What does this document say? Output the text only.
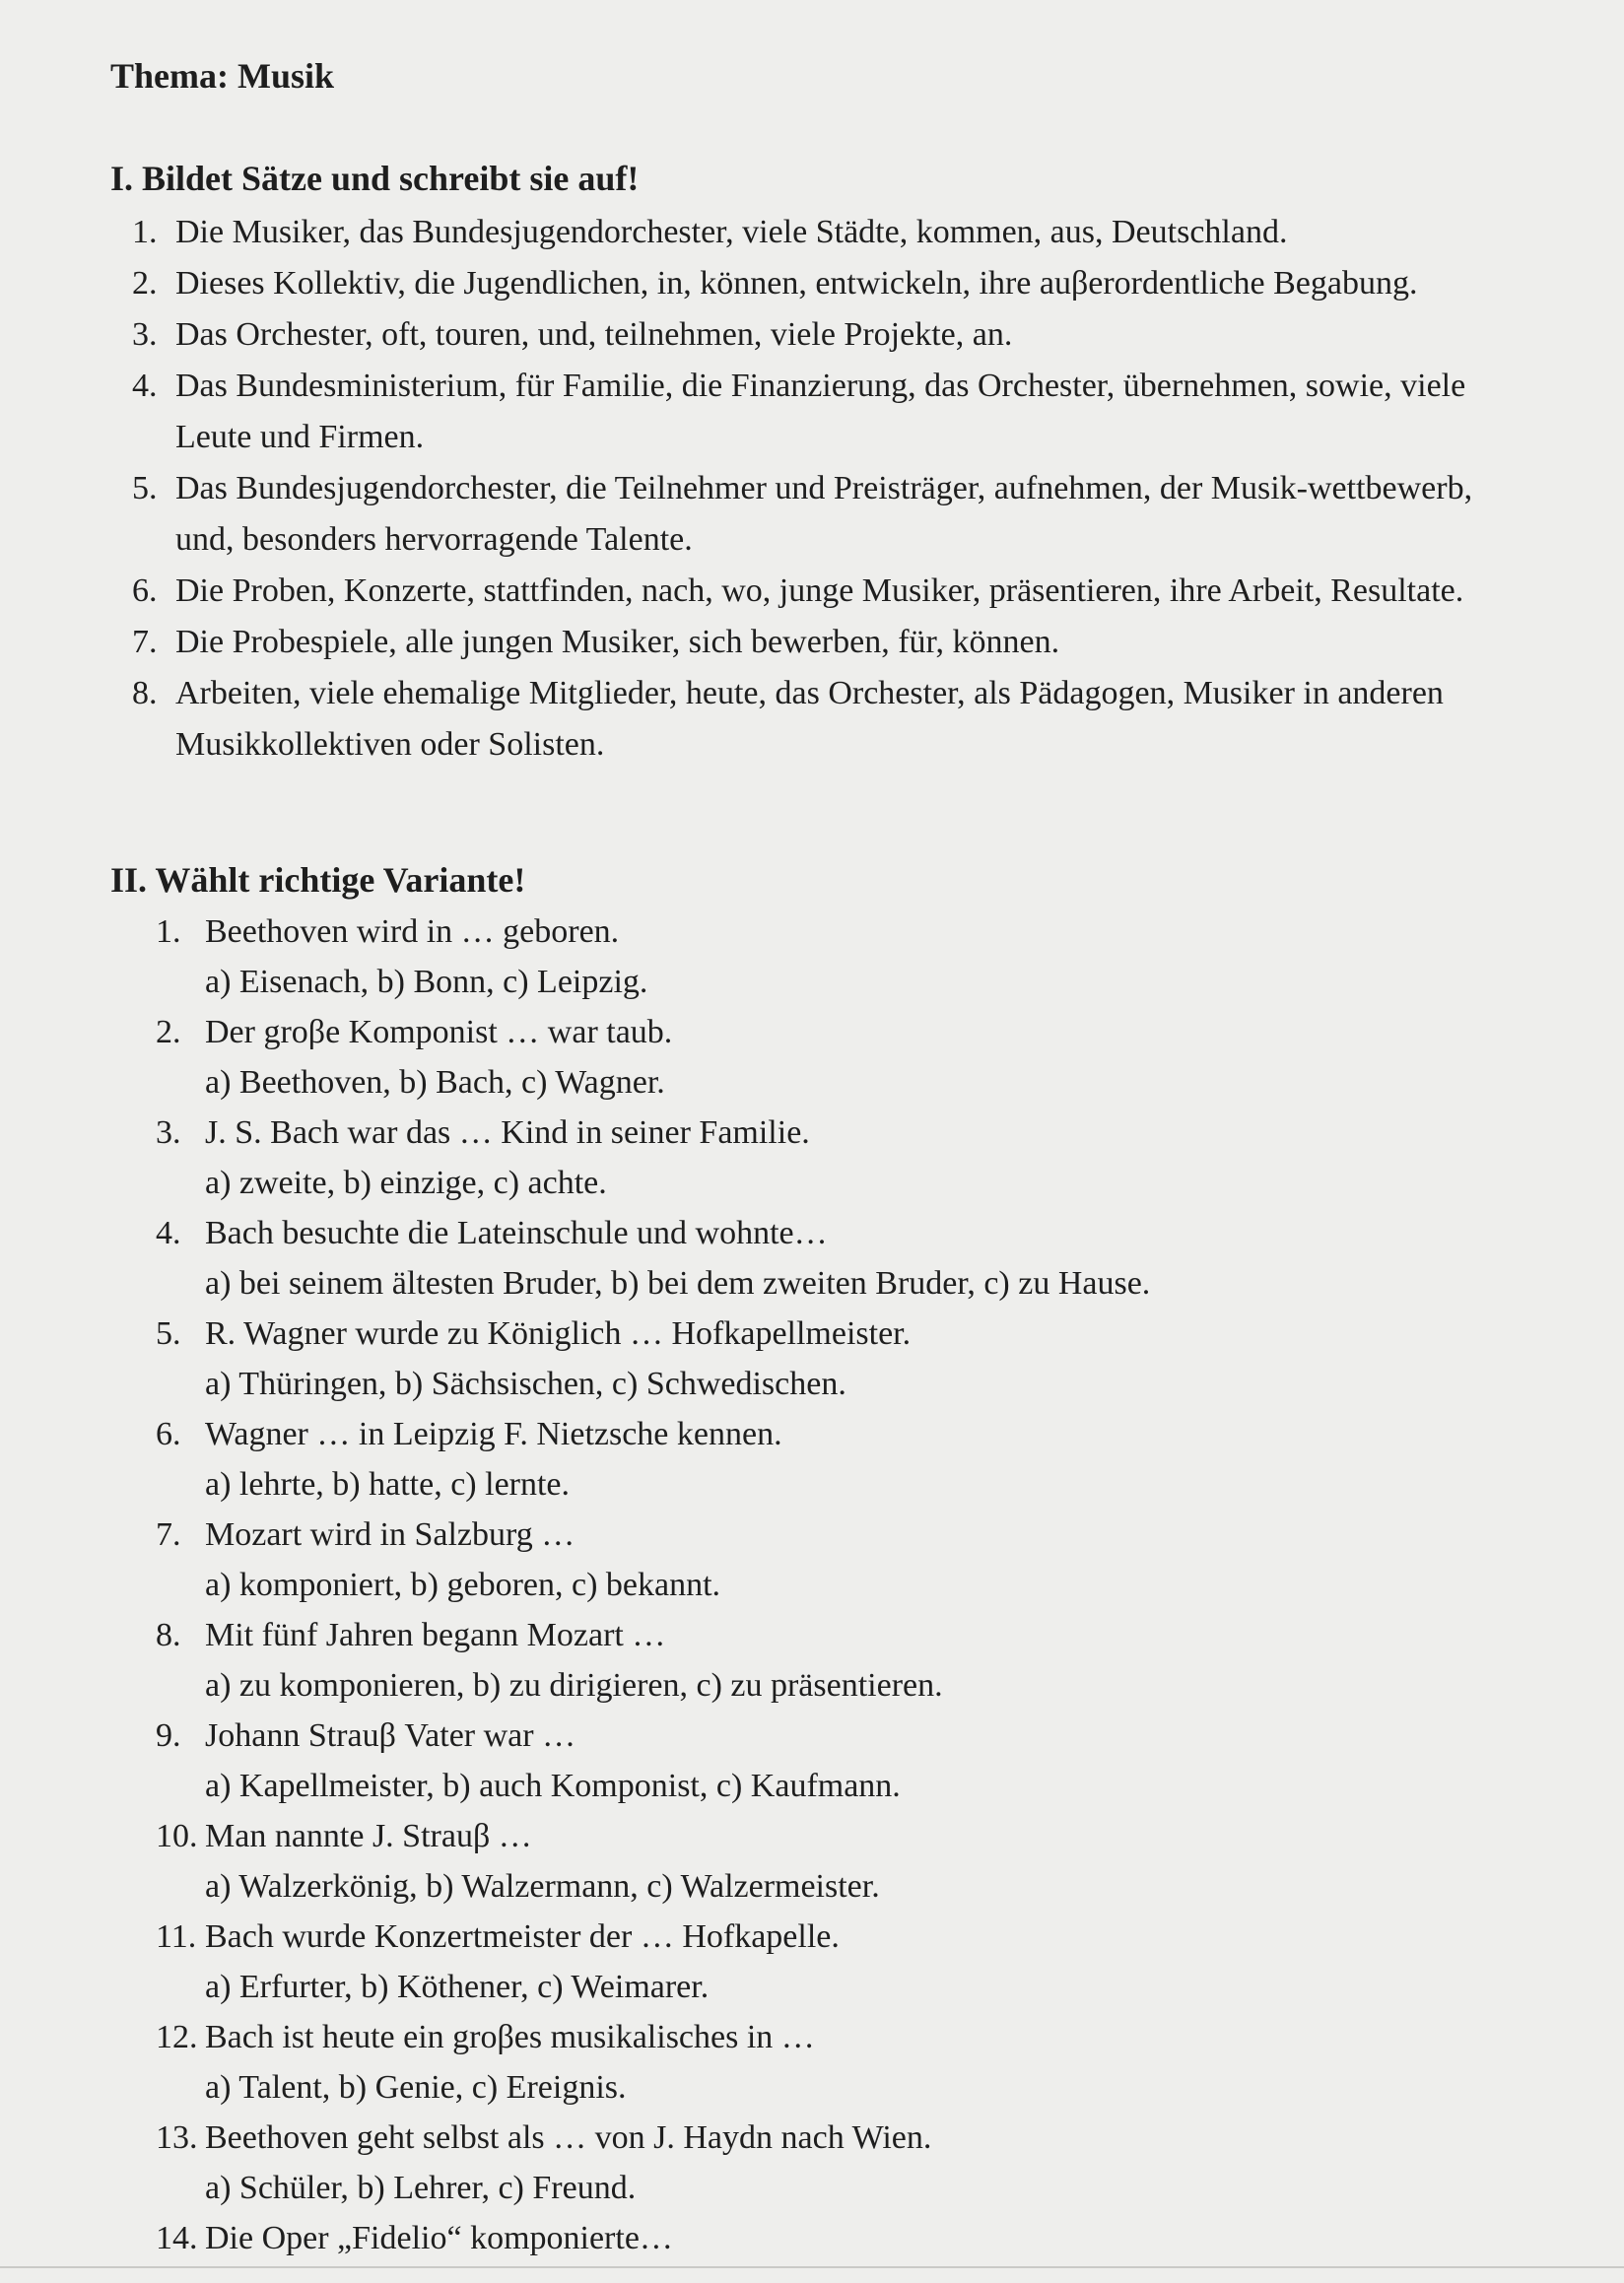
Thema: Musik
I. Bildet Sätze und schreibt sie auf!
1. Die Musiker, das Bundesjugendorchester, viele Städte, kommen, aus, Deutschland.
2. Dieses Kollektiv, die Jugendlichen, in, können, entwickeln, ihre auβerordentliche Begabung.
3. Das Orchester, oft, touren, und, teilnehmen, viele Projekte, an.
4. Das Bundesministerium, für Familie, die Finanzierung, das Orchester, übernehmen, sowie, viele Leute und Firmen.
5. Das Bundesjugendorchester, die Teilnehmer und Preisträger, aufnehmen, der Musik-wettbewerb, und, besonders hervorragende Talente.
6. Die Proben, Konzerte, stattfinden, nach, wo, junge Musiker, präsentieren, ihre Arbeit, Resultate.
7. Die Probespiele, alle jungen Musiker, sich bewerben, für, können.
8. Arbeiten, viele ehemalige Mitglieder, heute, das Orchester, als Pädagogen, Musiker in anderen Musikkollektiven oder Solisten.
II. Wählt richtige Variante!
1. Beethoven wird in … geboren.
a) Eisenach, b) Bonn, c) Leipzig.
2. Der groβe Komponist … war taub.
a) Beethoven, b) Bach, c) Wagner.
3. J. S. Bach war das … Kind in seiner Familie.
a) zweite, b) einzige, c) achte.
4. Bach besuchte die Lateinschule und wohnte…
a) bei seinem ältesten Bruder, b) bei dem zweiten Bruder, c) zu Hause.
5. R. Wagner wurde zu Königlich … Hofkapellmeister.
a) Thüringen, b) Sächsischen, c) Schwedischen.
6. Wagner … in Leipzig F. Nietzsche kennen.
a) lehrte, b) hatte, c) lernte.
7. Mozart wird in Salzburg …
a) komponiert, b) geboren, c) bekannt.
8. Mit fünf Jahren begann Mozart …
a) zu komponieren, b) zu dirigieren, c) zu präsentieren.
9. Johann Strauβ Vater war …
a) Kapellmeister, b) auch Komponist, c) Kaufmann.
10. Man nannte J. Strauβ …
a) Walzerkönig, b) Walzermann, c) Walzermeister.
11. Bach wurde Konzertmeister der … Hofkapelle.
a) Erfurter, b) Köthener, c) Weimarer.
12. Bach ist heute ein groβes musikalisches in …
a) Talent, b) Genie, c) Ereignis.
13. Beethoven geht selbst als … von J. Haydn nach Wien.
a) Schüler, b) Lehrer, c) Freund.
14. Die Oper „Fidelio“ komponierte…
